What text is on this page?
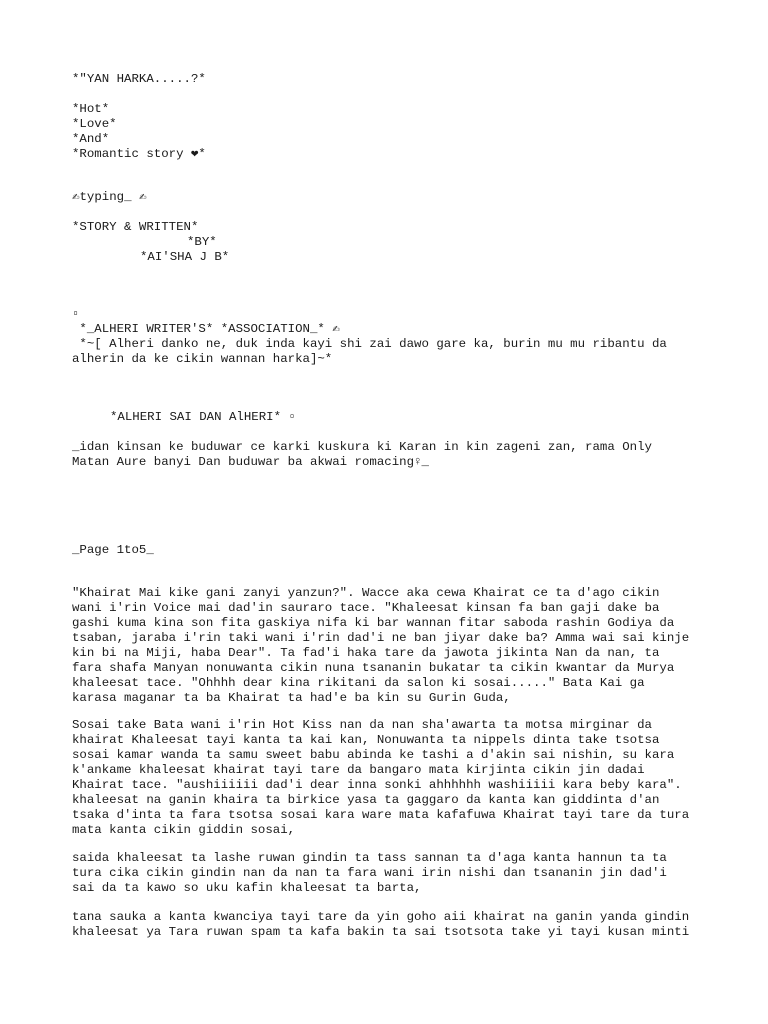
*"YAN HARKA.....?*

*Hot*

*Love*

*And*

*Romantic story ❤*

✍typing_ ✍

*STORY & WRITTEN*

*BY*

*AI'SHA J B*

▫

*_ALHERI WRITER'S* *ASSOCIATION_* ✍

*~[ Alheri danko ne, duk inda kayi shi zai dawo gare ka, burin mu mu ribantu da

alherin da ke cikin wannan harka]~*

*ALHERI SAI DAN AlHERI* ▫

_idan kinsan ke buduwar ce karki kuskura ki Karan in kin zageni zan, rama Only

Matan Aure banyi Dan buduwar ba akwai romacing♀_

_Page 1to5_

"Khairat Mai kike gani zanyi yanzun?". Wacce aka cewa Khairat ce ta d'ago cikin

wani i'rin Voice mai dad'in sauraro tace. "Khaleesat kinsan fa ban gaji dake ba

gashi kuma kina son fita gaskiya nifa ki bar wannan fitar saboda rashin Godiya da

tsaban, jaraba i'rin taki wani i'rin dad'i ne ban jiyar dake ba? Amma wai sai kinje

kin bi na Miji, haba Dear". Ta fad'i haka tare da jawota jikinta Nan da nan, ta

fara shafa Manyan nonuwanta cikin nuna tsananin bukatar ta cikin kwantar da Murya

khaleesat tace. "Ohhhh dear kina rikitani da salon ki sosai....." Bata Kai ga

karasa maganar ta ba Khairat ta had'e ba kin su Gurin Guda,

Sosai take Bata wani i'rin Hot Kiss nan da nan sha'awarta ta motsa mirginar da

khairat Khaleesat tayi kanta ta kai kan, Nonuwanta ta nippels dinta take tsotsa

sosai kamar wanda ta samu sweet babu abinda ke tashi a d'akin sai nishin, su kara

k'ankame khaleesat khairat tayi tare da bangaro mata kirjinta cikin jin dadai

Khairat tace. "aushiiiiii dad'i dear inna sonki ahhhhhh washiiiii kara beby kara".

khaleesat na ganin khaira ta birkice yasa ta gaggaro da kanta kan giddinta d'an

tsaka d'inta ta fara tsotsa sosai kara ware mata kafafuwa Khairat tayi tare da tura

mata kanta cikin giddin sosai,

saida khaleesat ta lashe ruwan gindin ta tass sannan ta d'aga kanta hannun ta ta

tura cika cikin gindin nan da nan ta fara wani irin nishi dan tsananin jin dad'i

sai da ta kawo so uku kafin khaleesat ta barta,

tana sauka a kanta kwanciya tayi tare da yin goho aii khairat na ganin yanda gindin

khaleesat ya Tara ruwan spam ta kafa bakin ta sai tsotsota take yi tayi kusan minti
